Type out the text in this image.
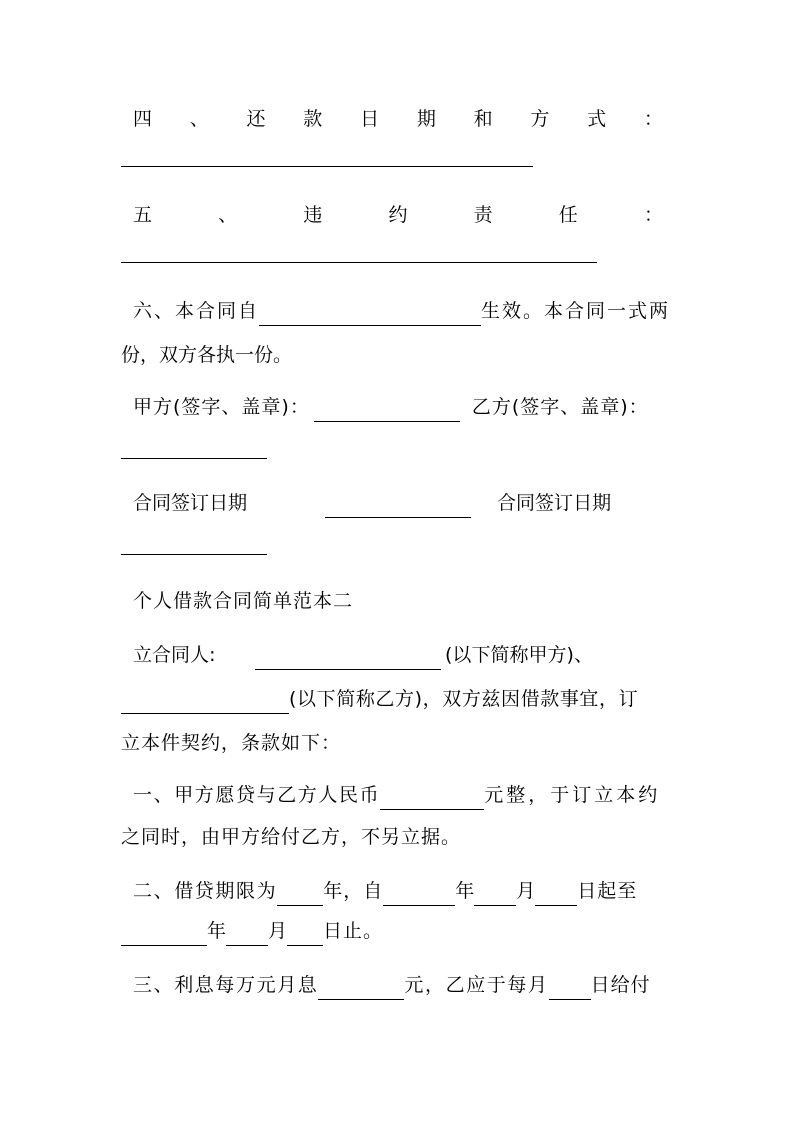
四 、 还 款 日 期 和 方 式 ：
五	、	违	约	责	任	：
六、本合同自	生效。本合同一式两
份，双方各执一份。
甲方(签字、盖章)：	乙方(签字、盖章)：
合同签订日期	合同签订日期
个人借款合同简单范本二
立合同人:	(以下简称甲方)、
(以下简称乙方)，双方兹因借款事宜，订
立本件契约，条款如下：
一、甲方愿贷与乙方人民币	元整，于订立本约
之同时，由甲方给付乙方，不另立据。
二、借贷期限为 年，自	年 月 日起至
年 月 日止。
三、利息每万元月息	元，乙应于每月 日给付
